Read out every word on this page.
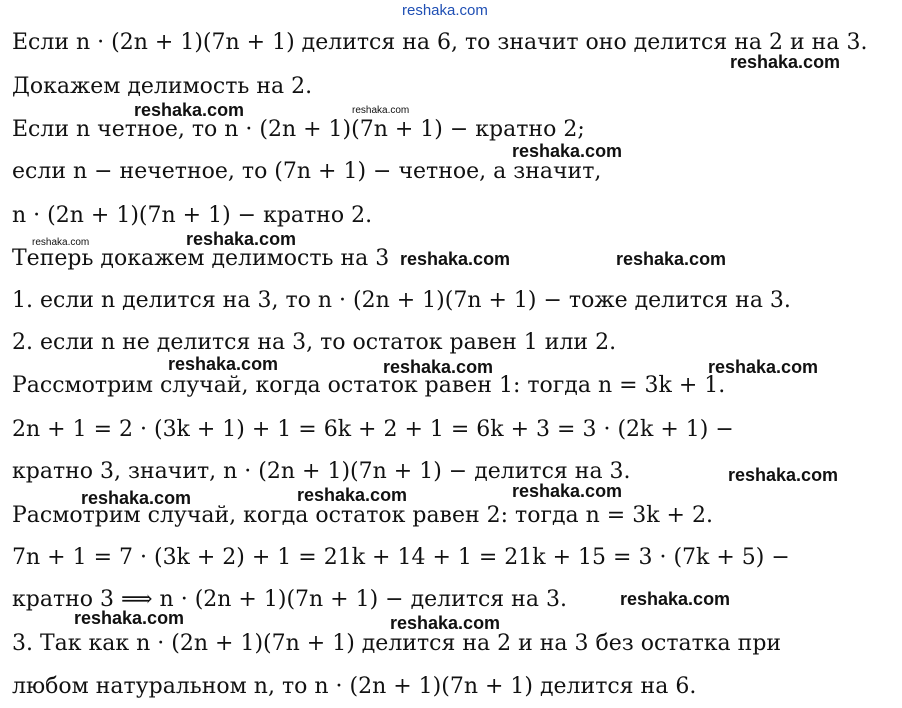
Если n · (2n + 1)(7n + 1) делится на 6, то значит оно делится на 2 и на 3.
Докажем делимость на 2.
Если n четное, то n · (2n + 1)(7n + 1) − кратно 2;
если n − нечетное, то (7n + 1) − четное, а значит,
n · (2n + 1)(7n + 1) − кратно 2.
Теперь докажем делимость на 3
1. если n делится на 3, то n · (2n + 1)(7n + 1) − тоже делится на 3.
2. если n не делится на 3, то остаток равен 1 или 2.
Рассмотрим случай, когда остаток равен 1: тогда n = 3k + 1.
2n + 1 = 2 · (3k + 1) + 1 = 6k + 2 + 1 = 6k + 3 = 3 · (2k + 1) −
кратно 3, значит, n · (2n + 1)(7n + 1) − делится на 3.
Расмотрим случай, когда остаток равен 2: тогда n = 3k + 2.
7n + 1 = 7 · (3k + 2) + 1 = 21k + 14 + 1 = 21k + 15 = 3 · (7k + 5) −
кратно 3 ⟹ n · (2n + 1)(7n + 1) − делится на 3.
3. Так как n · (2n + 1)(7n + 1) делится на 2 и на 3 без остатка при
любом натуральном n, то n · (2n + 1)(7n + 1) делится на 6.
reshaka.com
reshaka.com
reshaka.com	reshaka.com
reshaka.com
reshaka.com	reshaka.com
reshaka.com	reshaka.com
reshaka.com	reshaka.com	reshaka.com
reshaka.com
reshaka.com
reshaka.com	reshaka.com
reshaka.com
reshaka.com	reshaka.com
